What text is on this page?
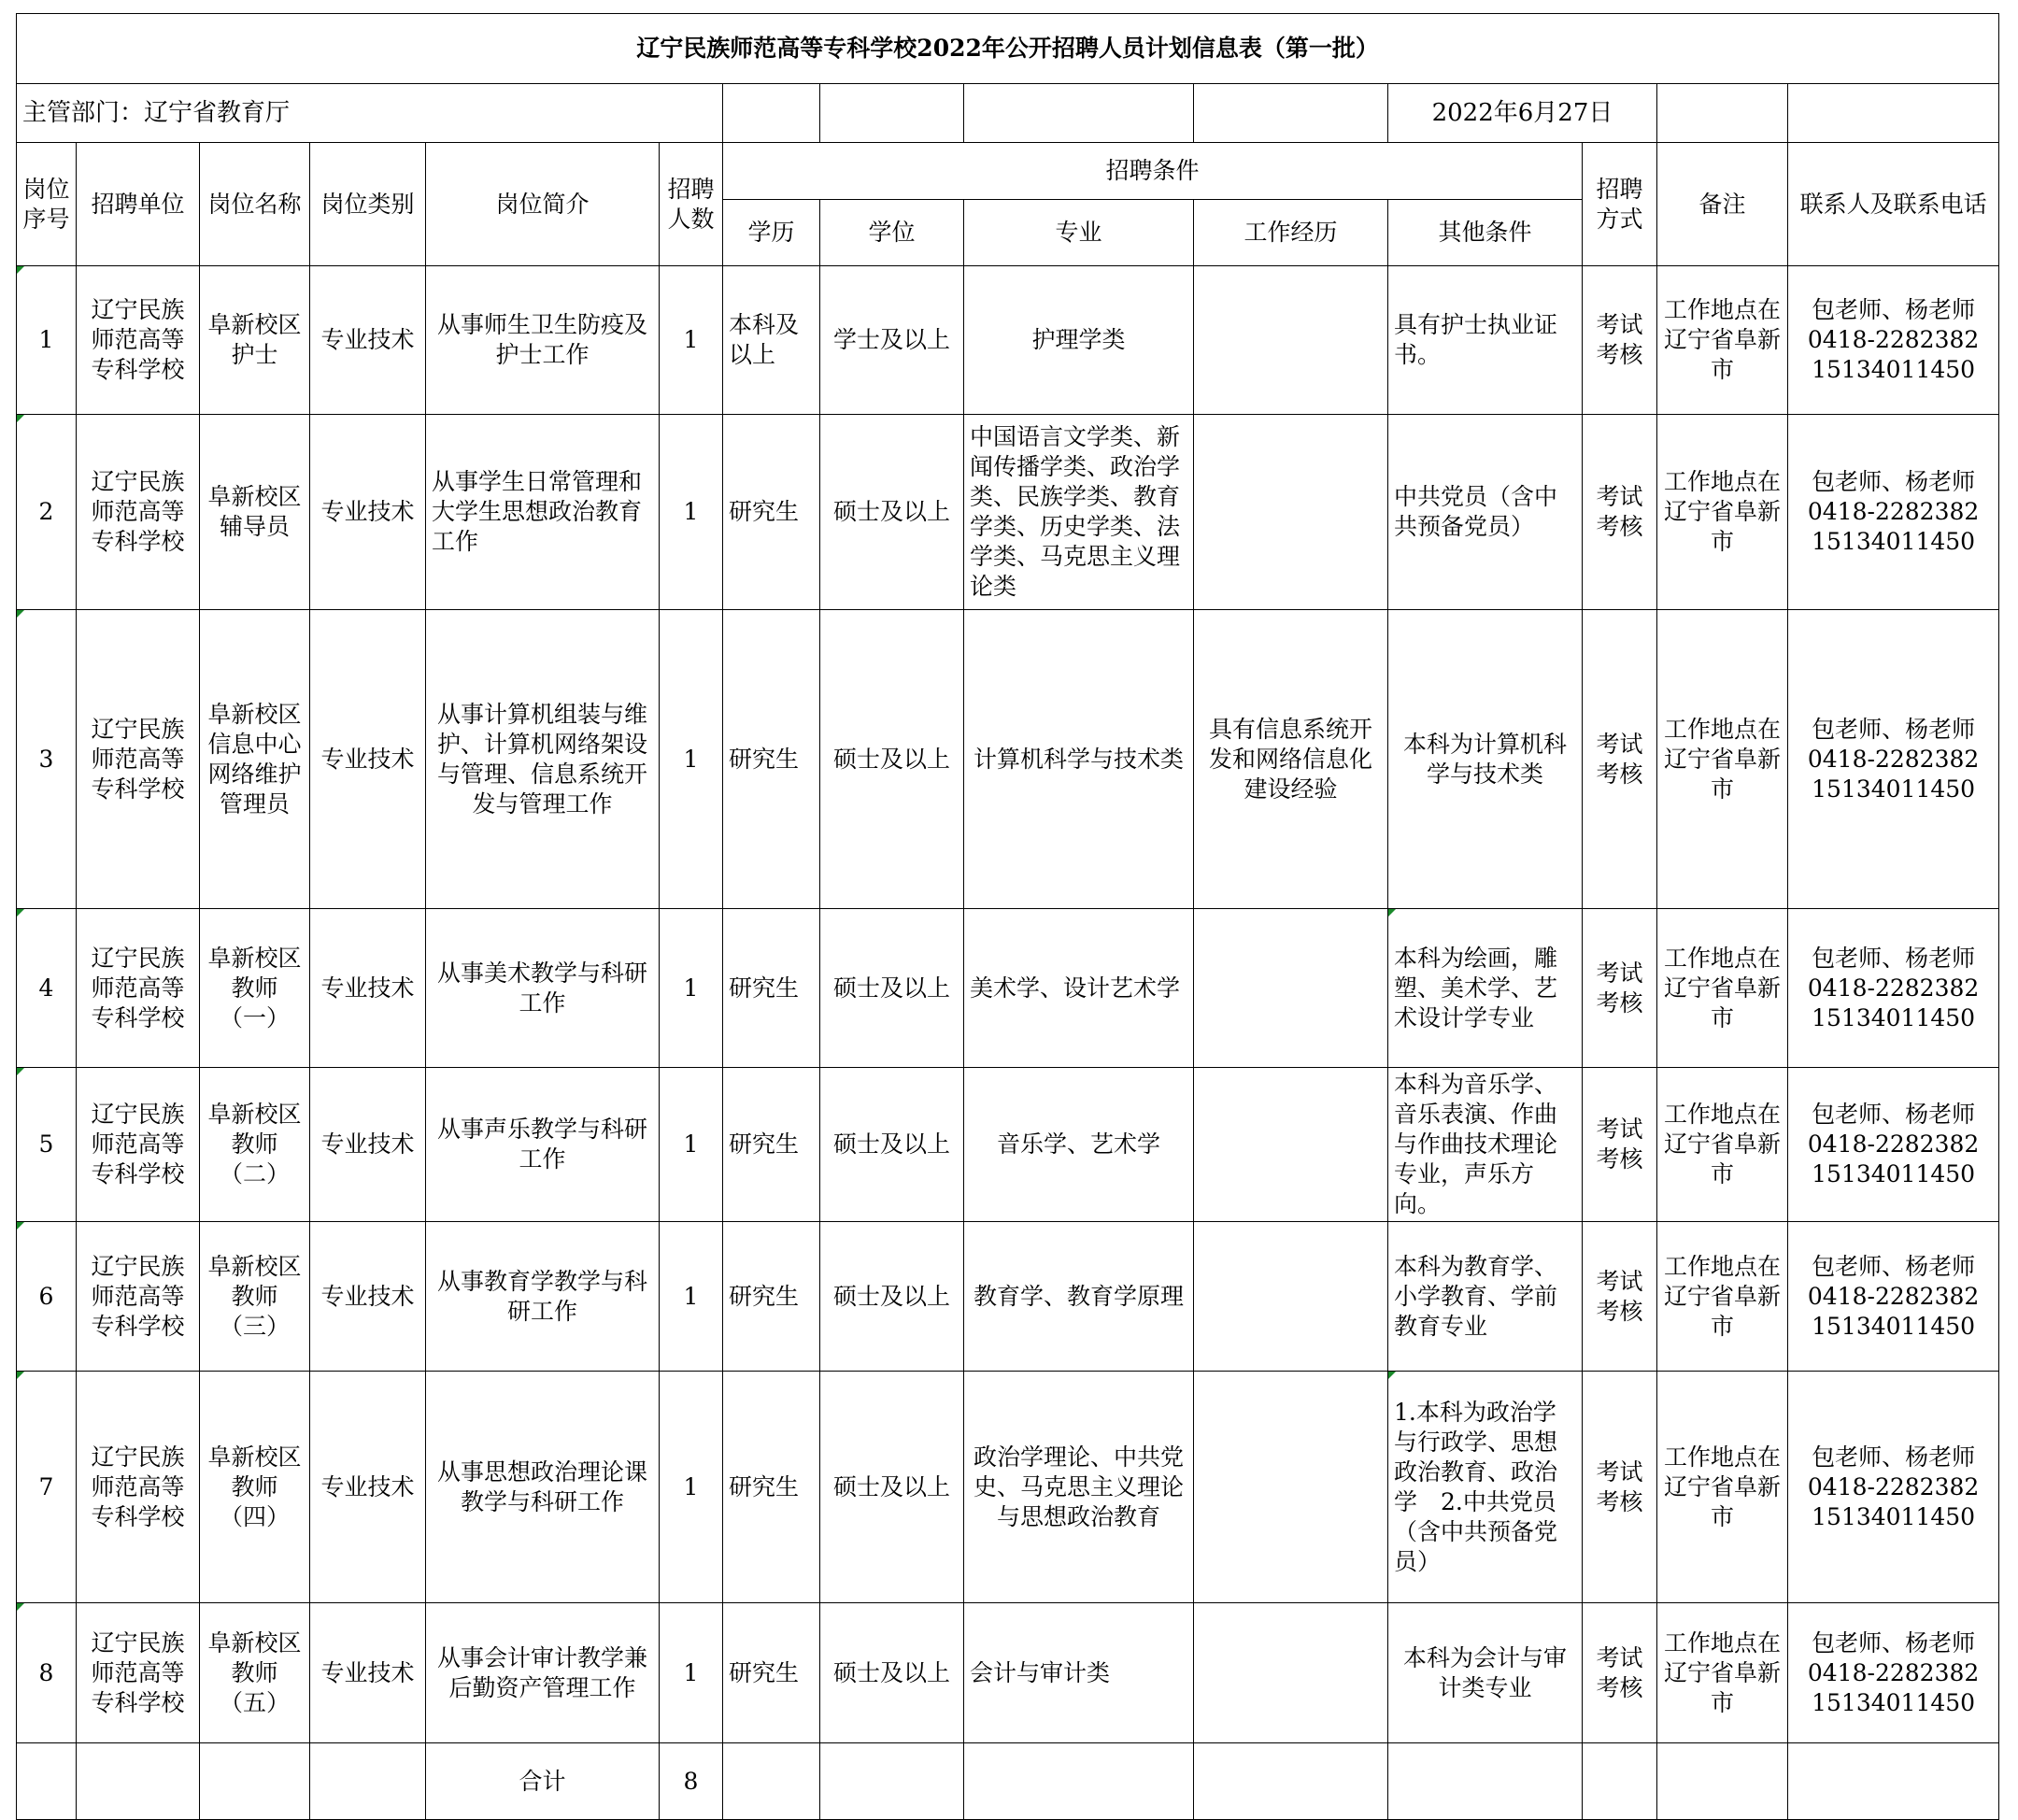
辽宁民族师范高等专科学校2022年公开招聘人员计划信息表（第一批）													
主管部门：辽宁省教育厅										2022年6月27日			
岗位序号	招聘单位	岗位名称	岗位类别	岗位简介	招聘人数	招聘条件					招聘方式	备注	联系人及联系电话
						学历	学位	专业	工作经历	其他条件			

1	辽宁民族师范高等专科学校	阜新校区护士	专业技术	从事师生卫生防疫及护士工作	1	本科及以上	学士及以上	护理学类		具有护士执业证书。	考试考核	工作地点在辽宁省阜新市	包老师、杨老师
0418-2282382
15134011450

2	辽宁民族师范高等专科学校	阜新校区辅导员	专业技术	从事学生日常管理和大学生思想政治教育工作	1	研究生	硕士及以上	中国语言文学类、新闻传播学类、政治学类、民族学类、教育学类、历史学类、法学类、马克思主义理论类		中共党员（含中共预备党员）	考试考核	工作地点在辽宁省阜新市	包老师、杨老师
0418-2282382
15134011450

3	辽宁民族师范高等专科学校	阜新校区信息中心网络维护管理员	专业技术	从事计算机组装与维护、计算机网络架设与管理、信息系统开发与管理工作	1	研究生	硕士及以上	计算机科学与技术类	具有信息系统开发和网络信息化建设经验	本科为计算机科学与技术类	考试考核	工作地点在辽宁省阜新市	包老师、杨老师
0418-2282382
15134011450

4	辽宁民族师范高等专科学校	阜新校区教师（一）	专业技术	从事美术教学与科研工作	1	研究生	硕士及以上	美术学、设计艺术学		本科为绘画，雕塑、美术学、艺术设计学专业	考试考核	工作地点在辽宁省阜新市	包老师、杨老师
0418-2282382
15134011450

5	辽宁民族师范高等专科学校	阜新校区教师（二）	专业技术	从事声乐教学与科研工作	1	研究生	硕士及以上	音乐学、艺术学		本科为音乐学、音乐表演、作曲与作曲技术理论专业，声乐方向。	考试考核	工作地点在辽宁省阜新市	包老师、杨老师
0418-2282382
15134011450

6	辽宁民族师范高等专科学校	阜新校区教师（三）	专业技术	从事教育学教学与科研工作	1	研究生	硕士及以上	教育学、教育学原理		本科为教育学、小学教育、学前教育专业	考试考核	工作地点在辽宁省阜新市	包老师、杨老师
0418-2282382
15134011450

7	辽宁民族师范高等专科学校	阜新校区教师（四）	专业技术	从事思想政治理论课教学与科研工作	1	研究生	硕士及以上	政治学理论、中共党史、马克思主义理论与思想政治教育		1.本科为政治学与行政学、思想政治教育、政治学　2.中共党员（含中共预备党员）	考试考核	工作地点在辽宁省阜新市	包老师、杨老师
0418-2282382
15134011450

8	辽宁民族师范高等专科学校	阜新校区教师（五）	专业技术	从事会计审计教学兼后勤资产管理工作	1	研究生	硕士及以上	会计与审计类		本科为会计与审计类专业	考试考核	工作地点在辽宁省阜新市	包老师、杨老师
0418-2282382
15134011450

				合计	8								
